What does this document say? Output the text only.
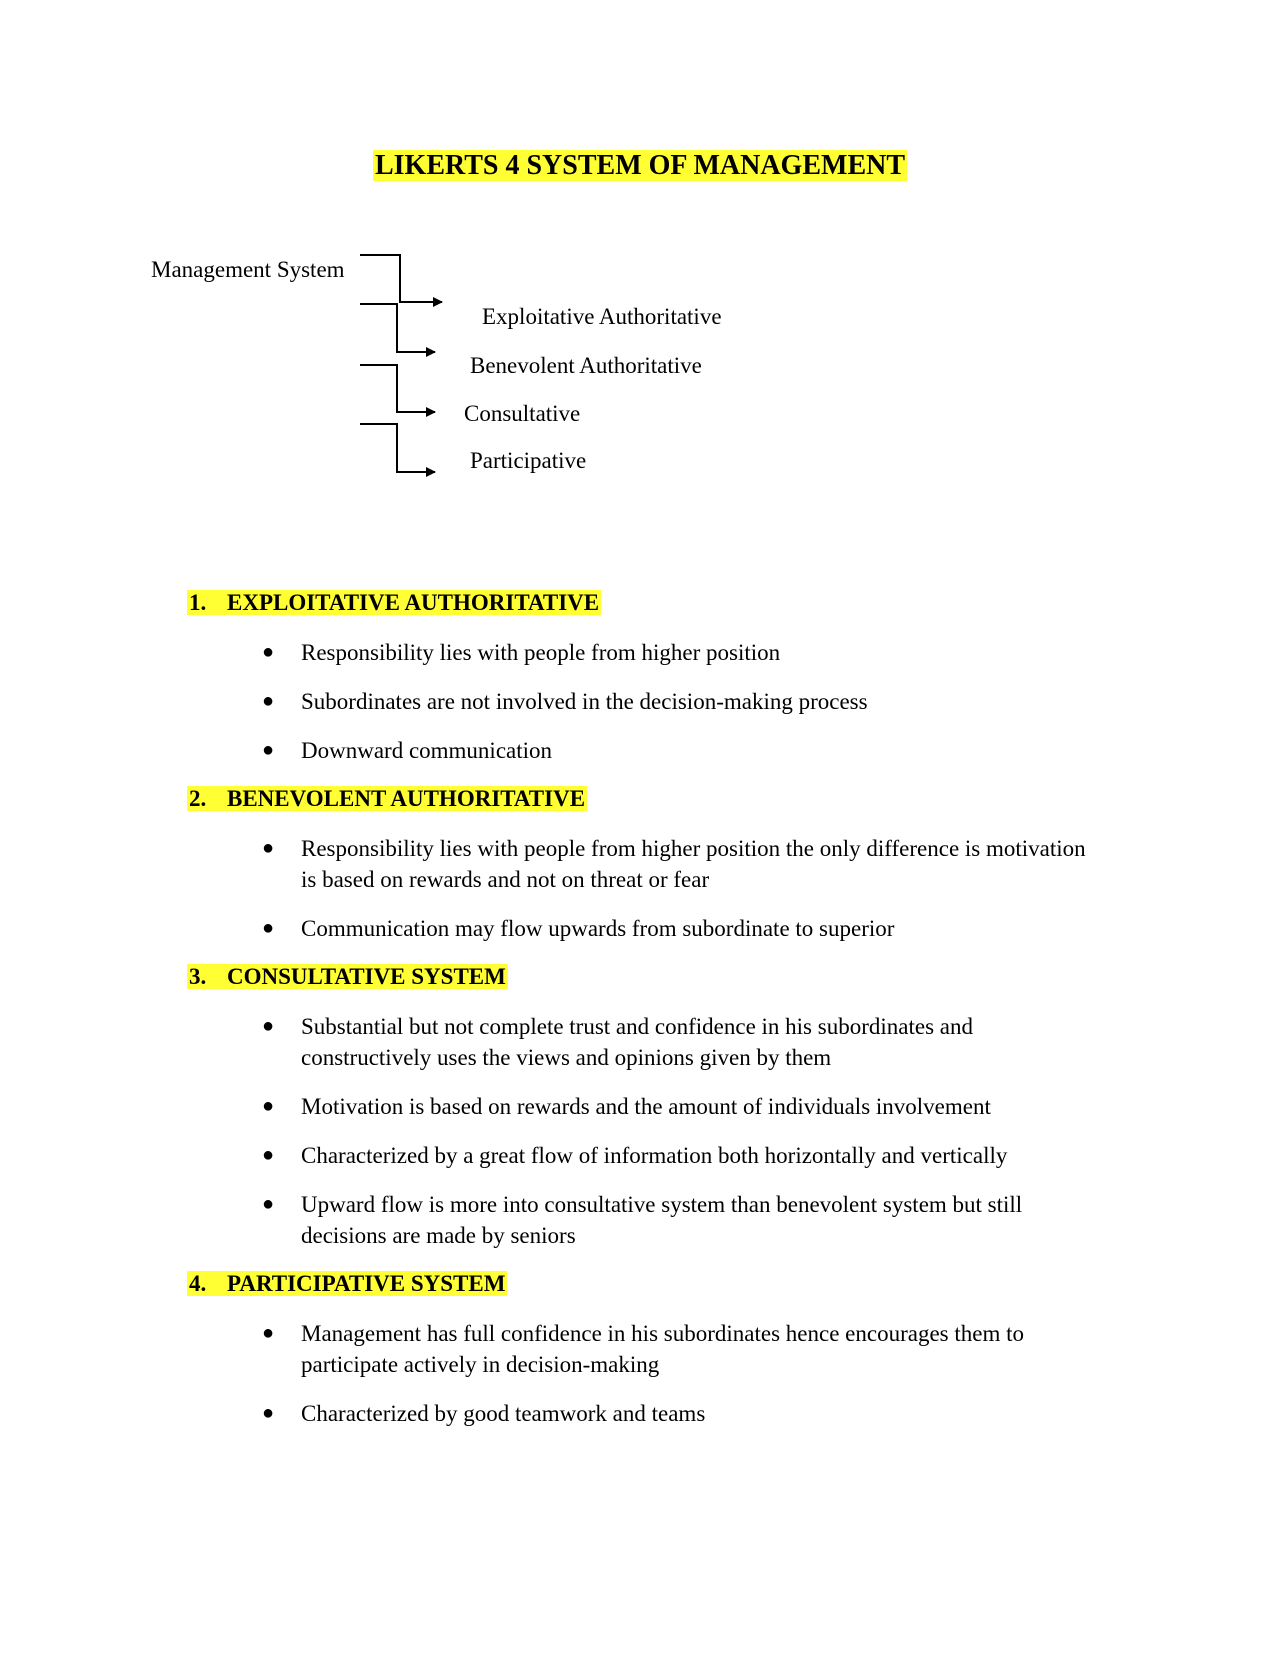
LIKERTS 4 SYSTEM OF MANAGEMENT
Management System
Exploitative Authoritative
Benevolent Authoritative
Consultative
Participative
1. EXPLOITATIVE AUTHORITATIVE
●	Responsibility lies with people from higher position
●	Subordinates are not involved in the decision-making process
●	Downward communication
2. BENEVOLENT AUTHORITATIVE
●	Responsibility lies with people from higher position the only difference is motivation is based on rewards and not on threat or fear
●	Communication may flow upwards from subordinate to superior
3. CONSULTATIVE SYSTEM
●	Substantial but not complete trust and confidence in his subordinates and constructively uses the views and opinions given by them
●	Motivation is based on rewards and the amount of individuals involvement
●	Characterized by a great flow of information both horizontally and vertically
●	Upward flow is more into consultative system than benevolent system but still decisions are made by seniors
4. PARTICIPATIVE SYSTEM
●	Management has full confidence in his subordinates hence encourages them to participate actively in decision-making
●	Characterized by good teamwork and teams
